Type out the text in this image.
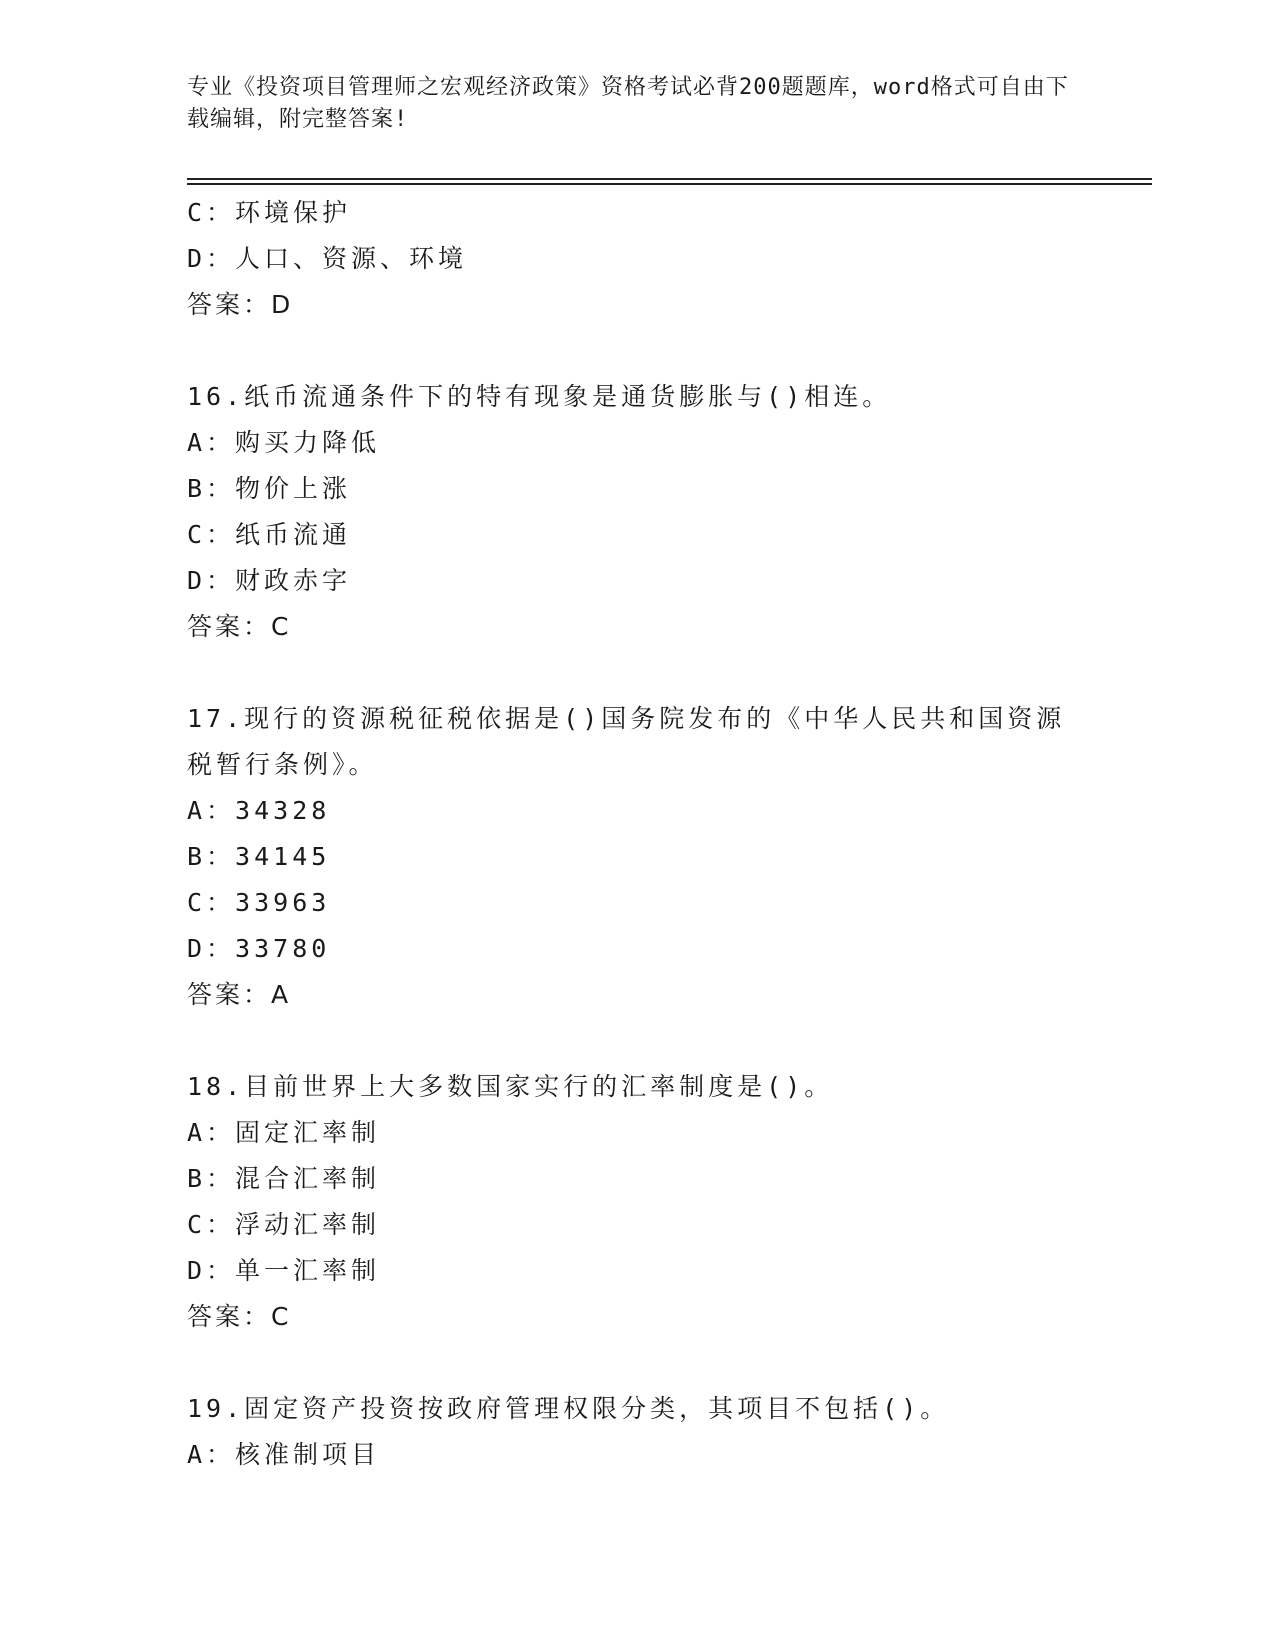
专业《投资项目管理师之宏观经济政策》资格考试必背200题题库，word格式可自由下载编辑，附完整答案!
C：环境保护
D：人口、资源、环境
答案：D
16.纸币流通条件下的特有现象是通货膨胀与()相连。
A：购买力降低
B：物价上涨
C：纸币流通
D：财政赤字
答案：C
17.现行的资源税征税依据是()国务院发布的《中华人民共和国资源税暂行条例》。
A：34328
B：34145
C：33963
D：33780
答案：A
18.目前世界上大多数国家实行的汇率制度是()。
A：固定汇率制
B：混合汇率制
C：浮动汇率制
D：单一汇率制
答案：C
19.固定资产投资按政府管理权限分类，其项目不包括()。
A：核准制项目
